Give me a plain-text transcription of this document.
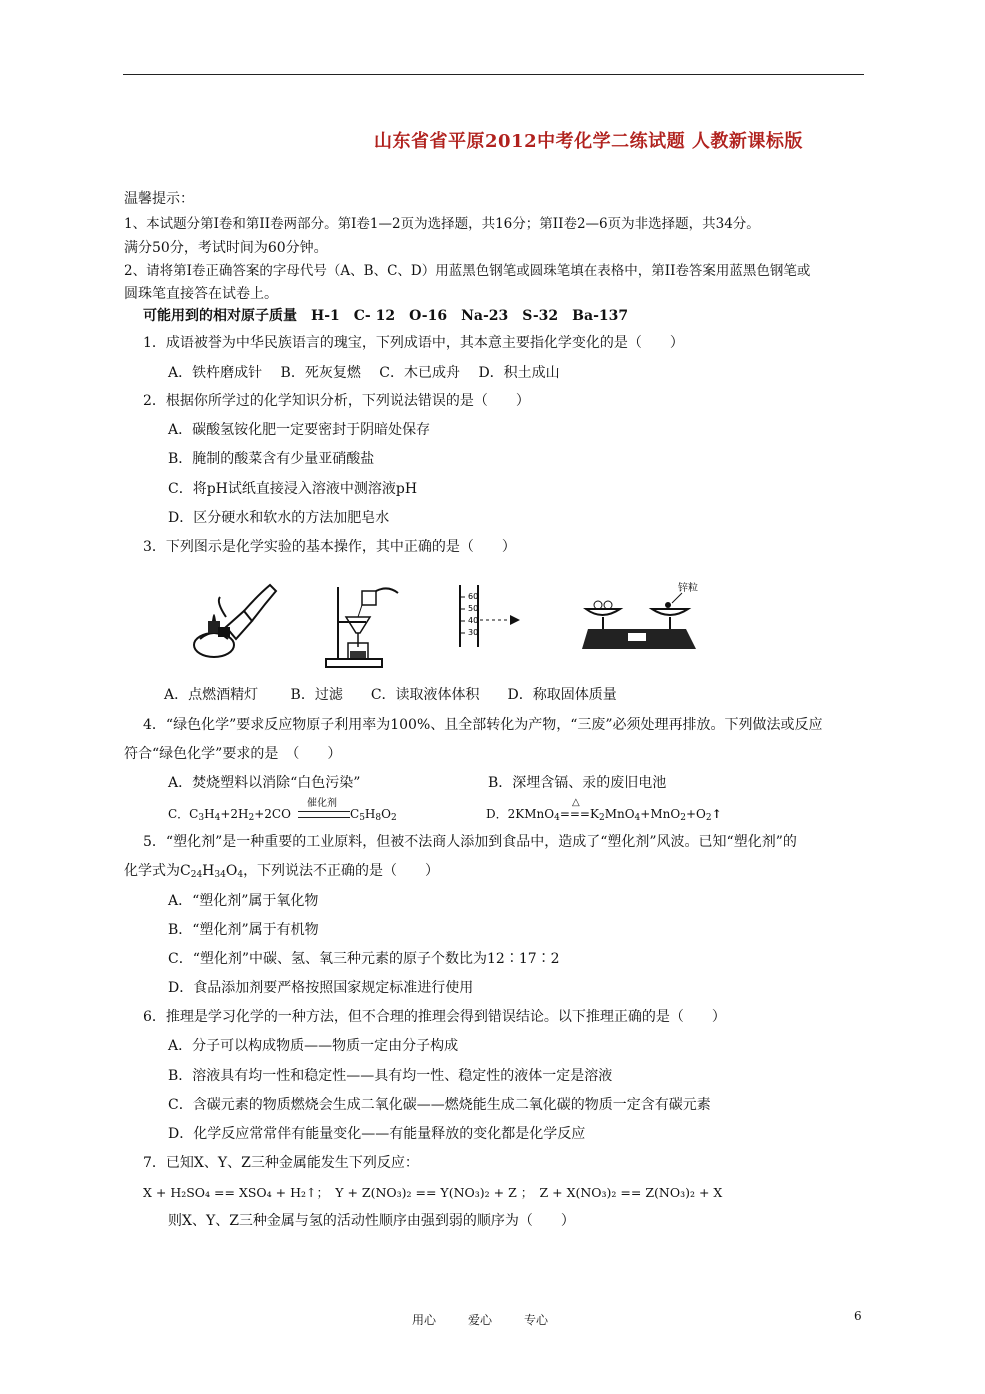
山东省省平原2012中考化学二练试题 人教新课标版
温馨提示：
1、本试题分第Ⅰ卷和第II卷两部分。第Ⅰ卷1—2页为选择题，共16分；第II卷2—6页为非选择题，共34分。
满分50分，考试时间为60分钟。
2、请将第Ⅰ卷正确答案的字母代号（A、B、C、D）用蓝黑色钢笔或圆珠笔填在表格中，第II卷答案用蓝黑色钢笔或
圆珠笔直接答在试卷上。
可能用到的相对原子质量　H-1　C- 12　O-16　Na-23　S-32　Ba-137
1．成语被誉为中华民族语言的瑰宝，下列成语中，其本意主要指化学变化的是（　　）
A．铁杵磨成针　 B．死灰复燃　 C．木已成舟　 D．积土成山
2．根据你所学过的化学知识分析，下列说法错误的是（　　）
A．碳酸氢铵化肥一定要密封于阴暗处保存
B．腌制的酸菜含有少量亚硝酸盐
C．将pH试纸直接浸入溶液中测溶液pH
D．区分硬水和软水的方法加肥皂水
3．下列图示是化学实验的基本操作，其中正确的是（　　）
60
50
40
30
锌粒
A．点燃酒精灯　　 B．过滤　　C．读取液体体积　　D．称取固体质量
4．“绿色化学”要求反应物原子利用率为100%、且全部转化为产物，“三废”必须处理再排放。下列做法或反应
符合“绿色化学”要求的是　（　　）
A．焚烧塑料以消除“白色污染”	B．深埋含镉、汞的废旧电池
C．$C_3H_4+2H_2+2CO$
催化剂
$C_5H_8O_2$
△
D．$2KMnO_4===K_2MnO_4+MnO_2+O_2↑$
5．“塑化剂”是一种重要的工业原料，但被不法商人添加到食品中，造成了“塑化剂”风波。已知“塑化剂”的
化学式为$C_{24}H_{34}O_4$，下列说法不正确的是（　　）
A．“塑化剂”属于氧化物
B．“塑化剂”属于有机物
C．“塑化剂”中碳、氢、氧三种元素的原子个数比为12∶17∶2
D．食品添加剂要严格按照国家规定标准进行使用
6．推理是学习化学的一种方法，但不合理的推理会得到错误结论。以下推理正确的是（　　）
A．分子可以构成物质——物质一定由分子构成
B．溶液具有均一性和稳定性——具有均一性、稳定性的液体一定是溶液
C．含碳元素的物质燃烧会生成二氧化碳——燃烧能生成二氧化碳的物质一定含有碳元素
D．化学反应常常伴有能量变化——有能量释放的变化都是化学反应
7．已知X、Y、Z三种金属能发生下列反应：
X + H₂SO₄ == XSO₄ + H₂↑；　Y + Z(NO₃)₂ == Y(NO₃)₂ + Z ；　Z + X(NO₃)₂ == Z(NO₃)₂ + X
则X、Y、Z三种金属与氢的活动性顺序由强到弱的顺序为（　　）
用心	爱心	专心	6
